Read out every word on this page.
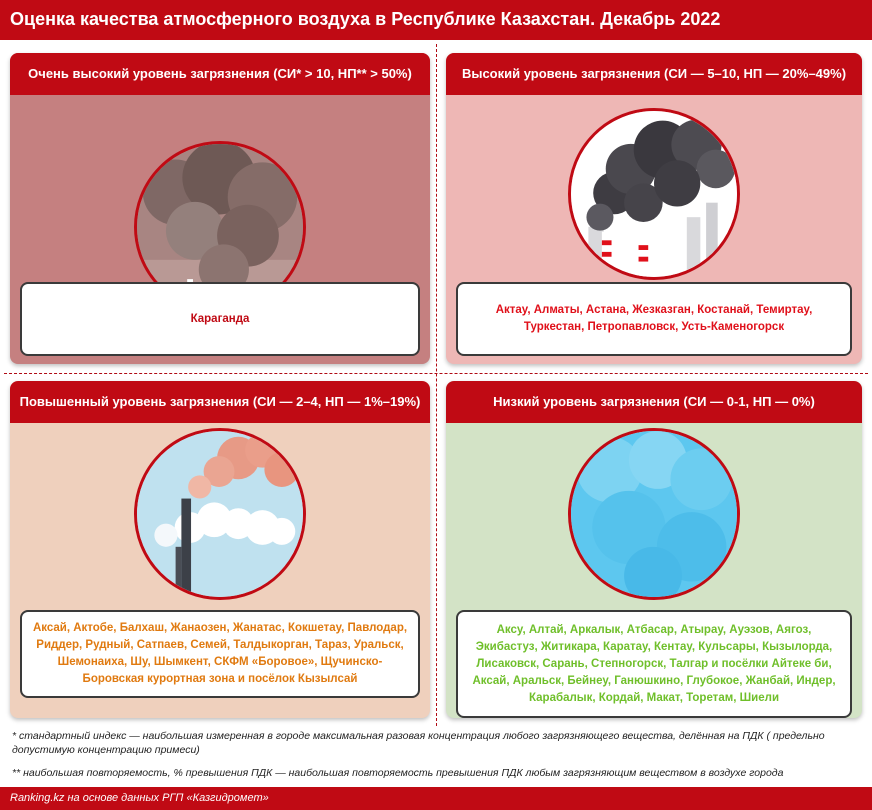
Оценка качества атмосферного воздуха в Республике Казахстан. Декабрь 2022
Очень высокий уровень загрязнения (СИ* > 10, НП** > 50%)
Караганда
Высокий уровень загрязнения (СИ — 5–10, НП — 20%–49%)
Актау, Алматы, Астана, Жезказган, Костанай, Темиртау, Туркестан, Петропавловск, Усть-Каменогорск
Повышенный уровень загрязнения (СИ — 2–4, НП — 1%–19%)
Аксай, Актобе, Балхаш, Жанаозен, Жанатас, Кокшетау, Павлодар, Риддер, Рудный, Сатпаев, Семей, Талдыкорган, Тараз, Уральск, Шемонаиха, Шу, Шымкент, СКФМ «Боровое», Щучинско-Боровская курортная зона и посёлок Кызылсай
Низкий уровень загрязнения (СИ — 0-1, НП — 0%)
Аксу, Алтай, Аркалык, Атбасар, Атырау, Ауэзов, Аягоз, Экибастуз, Житикара, Каратау, Кентау, Кульсары, Кызылорда, Лисаковск, Сарань, Степногорск, Талгар и посёлки Айтеке би, Аксай, Аральск, Бейнеу, Ганюшкино, Глубокое, Жанбай, Индер, Карабалык, Кордай, Макат, Торетам, Шиели
* стандартный индекс — наибольшая измеренная в городе максимальная разовая концентрация любого загрязняющего вещества, делённая на ПДК ( предельно допустимую концентрацию примеси)
** наибольшая повторяемость, % превышения ПДК — наибольшая повторяемость превышения ПДК любым загрязняющим веществом в воздухе города
Ranking.kz на основе данных РГП «Казгидромет»
